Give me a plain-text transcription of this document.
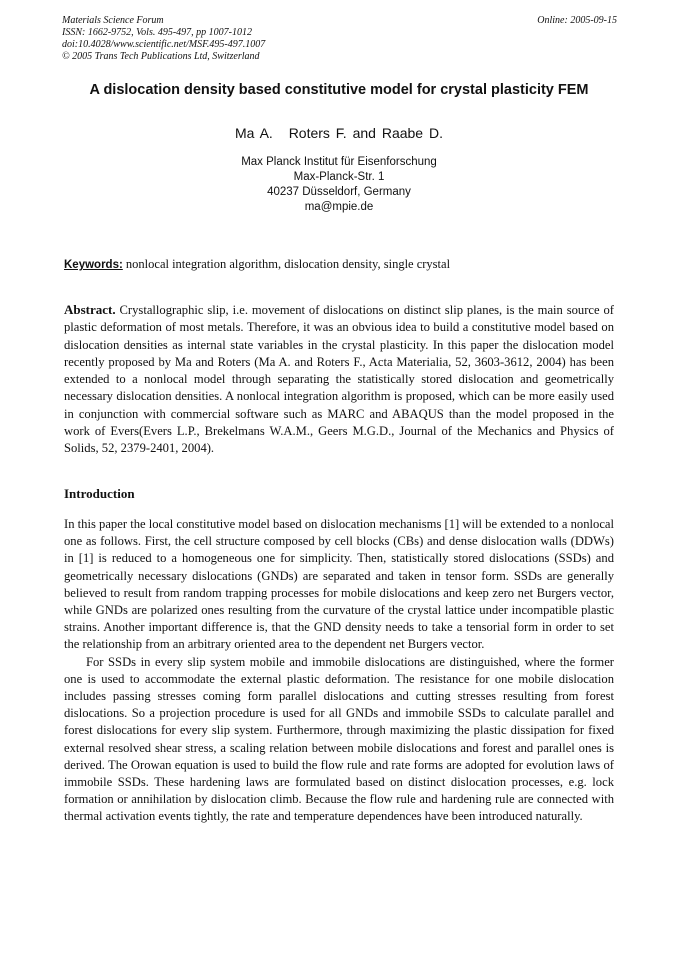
Materials Science Forum
ISSN: 1662-9752, Vols. 495-497, pp 1007-1012
doi:10.4028/www.scientific.net/MSF.495-497.1007
© 2005 Trans Tech Publications Ltd, Switzerland
Online: 2005-09-15
A dislocation density based constitutive model for crystal plasticity FEM
Ma A. Roters F. and Raabe D.
Max Planck Institut für Eisenforschung
Max-Planck-Str. 1
40237 Düsseldorf, Germany
ma@mpie.de
Keywords: nonlocal integration algorithm, dislocation density, single crystal

Abstract. Crystallographic slip, i.e. movement of dislocations on distinct slip planes, is the main source of plastic deformation of most metals. Therefore, it was an obvious idea to build a constitutive model based on dislocation densities as internal state variables in the crystal plasticity. In this paper the dislocation model recently proposed by Ma and Roters (Ma A. and Roters F., Acta Materialia, 52, 3603-3612, 2004) has been extended to a nonlocal model through separating the statistically stored dislocation and geometrically necessary dislocation densities. A nonlocal integration algorithm is proposed, which can be more easily used in conjunction with commercial software such as MARC and ABAQUS than the model proposed in the work of Evers(Evers L.P., Brekelmans W.A.M., Geers M.G.D., Journal of the Mechanics and Physics of Solids, 52, 2379-2401, 2004).

Introduction

In this paper the local constitutive model based on dislocation mechanisms [1] will be extended to a nonlocal one as follows. First, the cell structure composed by cell blocks (CBs) and dense dislocation walls (DDWs) in [1] is reduced to a homogeneous one for simplicity. Then, statistically stored dislocations (SSDs) and geometrically necessary dislocations (GNDs) are separated and taken in tensor form. SSDs are generally believed to result from random trapping processes for mobile dislocations and keep zero net Burgers vector, while GNDs are polarized ones resulting from the curvature of the crystal lattice under incompatible plastic strains. Another important difference is, that the GND density needs to take a tensorial form in order to set the relationship from an arbitrary oriented area to the dependent net Burgers vector.

For SSDs in every slip system mobile and immobile dislocations are distinguished, where the former one is used to accommodate the external plastic deformation. The resistance for one mobile dislocation includes passing stresses coming form parallel dislocations and cutting stresses resulting from forest dislocations. So a projection procedure is used for all GNDs and immobile SSDs to calculate parallel and forest dislocations for every slip system. Furthermore, through maximizing the plastic dissipation for fixed external resolved shear stress, a scaling relation between mobile dislocations and forest and parallel ones is derived. The Orowan equation is used to build the flow rule and rate forms are adopted for evolution laws of immobile SSDs. These hardening laws are formulated based on distinct dislocation processes, e.g. lock formation or annihilation by dislocation climb. Because the flow rule and hardening rule are connected with thermal activation events tightly, the rate and temperature dependences have been introduced naturally.
